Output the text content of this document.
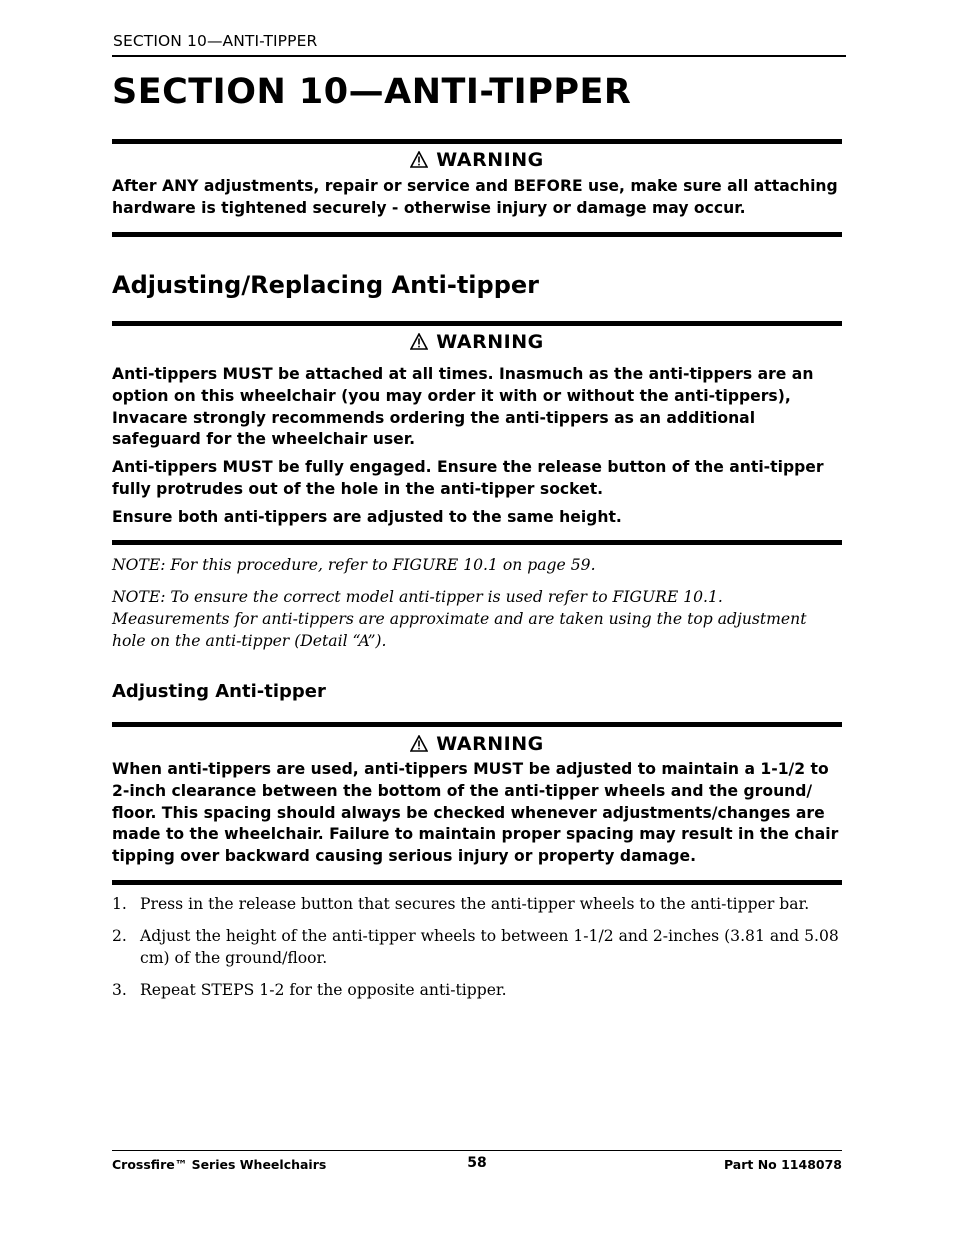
SECTION 10—ANTI-TIPPER
SECTION 10—ANTI-TIPPER
WARNING

After ANY adjustments, repair or service and BEFORE use, make sure all attaching hardware is tightened securely - otherwise injury or damage may occur.

Adjusting/Replacing Anti-tipper
WARNING

Anti-tippers MUST be attached at all times. Inasmuch as the anti-tippers are an option on this wheelchair (you may order it with or without the anti-tippers), Invacare strongly recommends ordering the anti-tippers as an additional safeguard for the wheelchair user.

Anti-tippers MUST be fully engaged. Ensure the release button of the anti-tipper fully protrudes out of the hole in the anti-tipper socket.

Ensure both anti-tippers are adjusted to the same height.

NOTE: For this procedure, refer to FIGURE 10.1 on page 59.

NOTE: To ensure the correct model anti-tipper is used refer to FIGURE 10.1. Measurements for anti-tippers are approximate and are taken using the top adjustment hole on the anti-tipper (Detail “A”).

Adjusting Anti-tipper
WARNING

When anti-tippers are used, anti-tippers MUST be adjusted to maintain a 1-1/2 to 2-inch clearance between the bottom of the anti-tipper wheels and the ground/ floor. This spacing should always be checked whenever adjustments/changes are made to the wheelchair. Failure to maintain proper spacing may result in the chair tipping over backward causing serious injury or property damage.

1. Press in the release button that secures the anti-tipper wheels to the anti-tipper bar.
2. Adjust the height of the anti-tipper wheels to between 1-1/2 and 2-inches (3.81 and 5.08 cm) of the ground/floor.
3. Repeat STEPS 1-2 for the opposite anti-tipper.
Crossfire™ Series Wheelchairs	58	Part No 1148078
